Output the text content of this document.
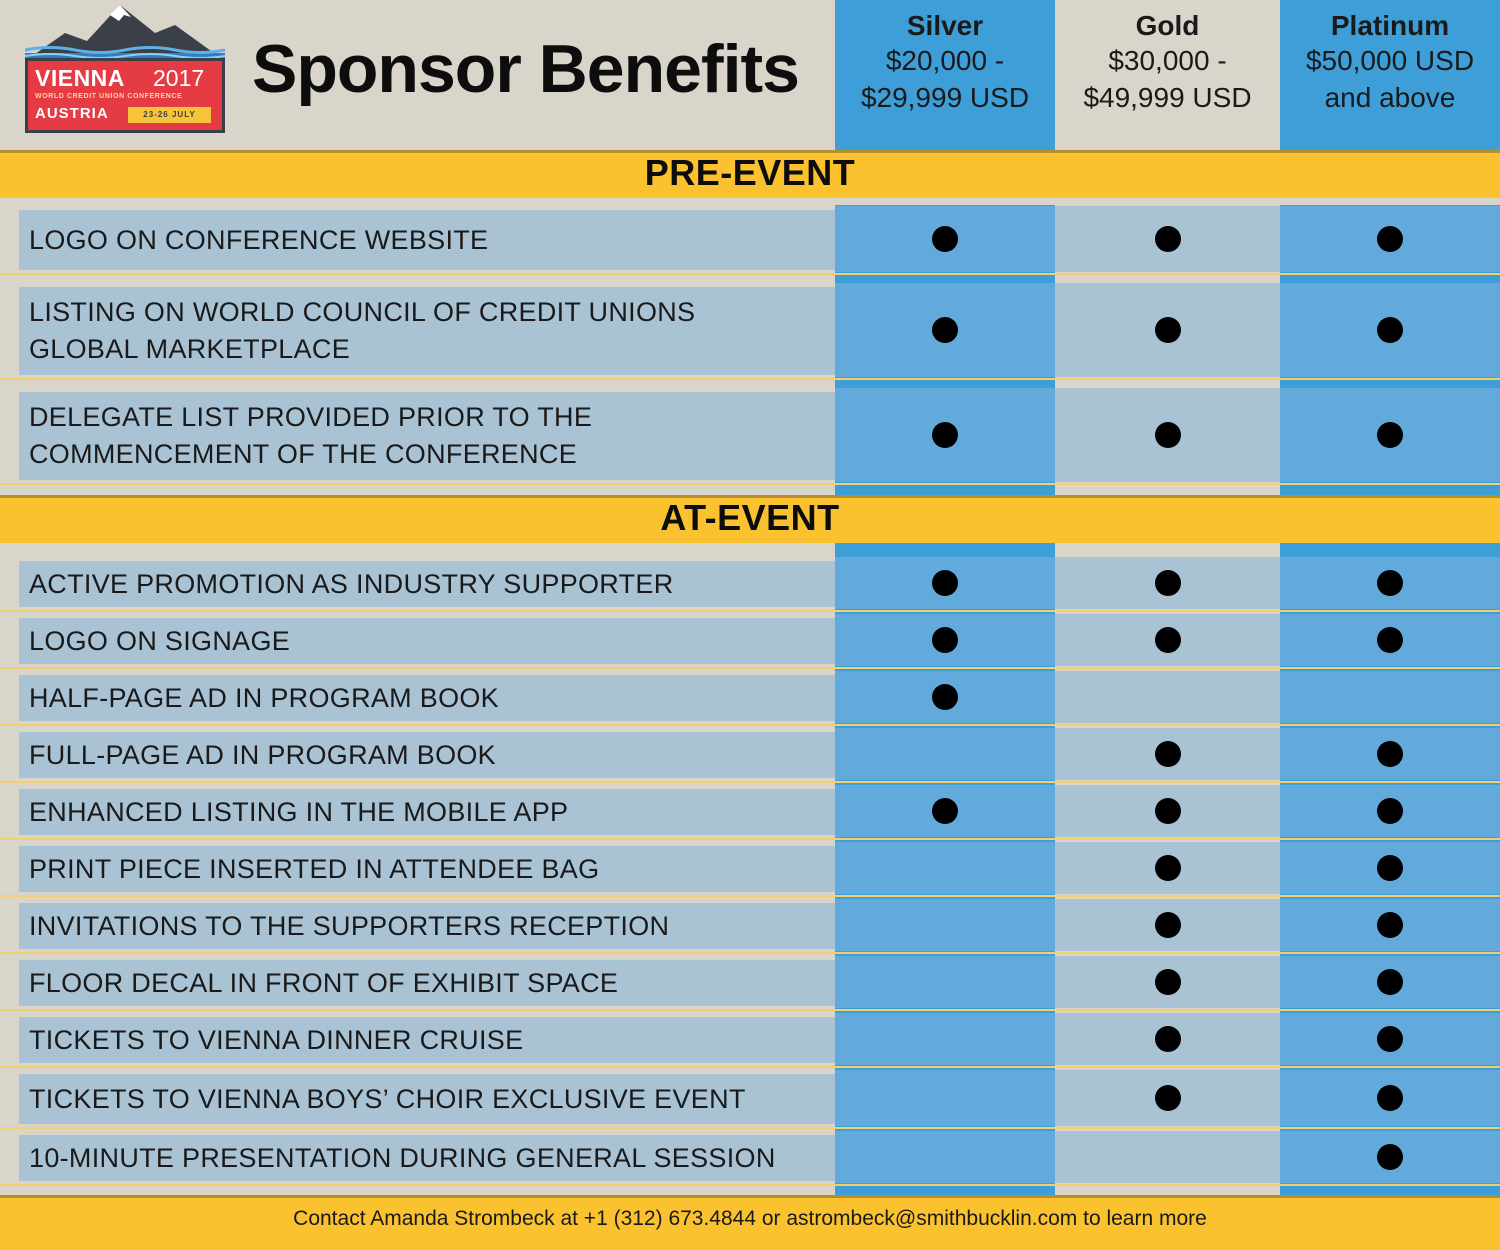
VIENNA 2017
WORLD CREDIT UNION CONFERENCE
AUSTRIA	23-26 JULY
Sponsor Benefits
Silver
$20,000 -
$29,999 USD
Gold
$30,000 -
$49,999 USD
Platinum
$50,000 USD
and above
PRE-EVENT
AT-EVENT
LOGO ON CONFERENCE WEBSITE
LISTING ON WORLD COUNCIL OF CREDIT UNIONS
GLOBAL MARKETPLACE
DELEGATE LIST PROVIDED PRIOR TO THE
COMMENCEMENT OF THE CONFERENCE
ACTIVE PROMOTION AS INDUSTRY SUPPORTER
LOGO ON SIGNAGE
HALF-PAGE AD IN PROGRAM BOOK
FULL-PAGE AD IN PROGRAM BOOK
ENHANCED LISTING IN THE MOBILE APP
PRINT PIECE INSERTED IN ATTENDEE BAG
INVITATIONS TO THE SUPPORTERS RECEPTION
FLOOR DECAL IN FRONT OF EXHIBIT SPACE
TICKETS TO VIENNA DINNER CRUISE
TICKETS TO VIENNA BOYS’ CHOIR EXCLUSIVE EVENT
10-MINUTE PRESENTATION DURING GENERAL SESSION
Contact Amanda Strombeck at +1 (312) 673.4844 or astrombeck@smithbucklin.com to learn more
